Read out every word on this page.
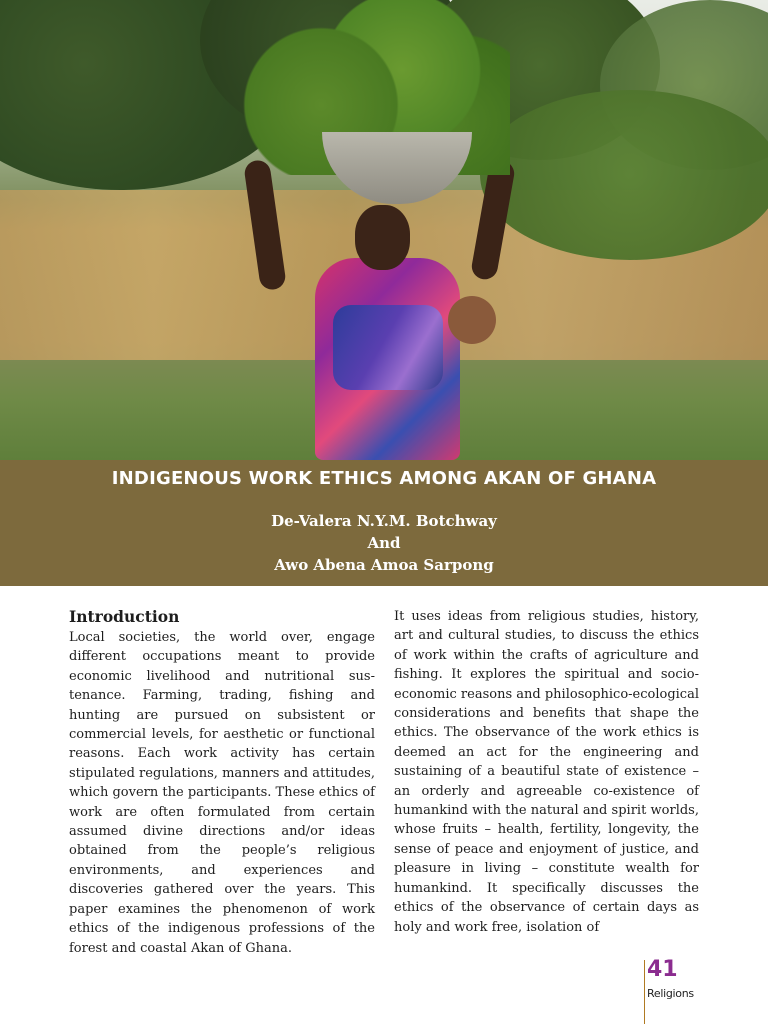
INDIGENOUS WORK ETHICS AMONG AKAN OF GHANA
De-Valera N.Y.M. Botchway
And
Awo Abena Amoa Sarpong
Introduction

Local societies, the world over, engage different occupations meant to provide economic livelihood and nutritional sustenance. Farming, trading, fishing and hunting are pursued on subsistent or commercial levels, for aesthetic or functional reasons. Each work activity has certain stipulated regulations, manners and attitudes, which govern the participants. These ethics of work are often formulated from certain assumed divine directions and/or ideas obtained from the people’s religious environments, and experiences and discoveries gathered over the years. This paper examines the phenomenon of work ethics of the indigenous professions of the forest and coastal Akan of Ghana.

It uses ideas from religious studies, history, art and cultural studies, to discuss the ethics of work within the crafts of agriculture and fishing. It explores the spiritual and socio-economic reasons and philosophico-ecological considerations and benefits that shape the ethics. The observance of the work ethics is deemed an act for the engineering and sustaining of a beautiful state of existence –an orderly and agreeable co-existence of humankind with the natural and spirit worlds, whose fruits – health, fertility, longevity, the sense of peace and enjoyment of justice, and pleasure in living – constitute wealth for humankind. It specifically discusses the ethics of the observance of certain days as holy and work free, isolation of

41
Religions
